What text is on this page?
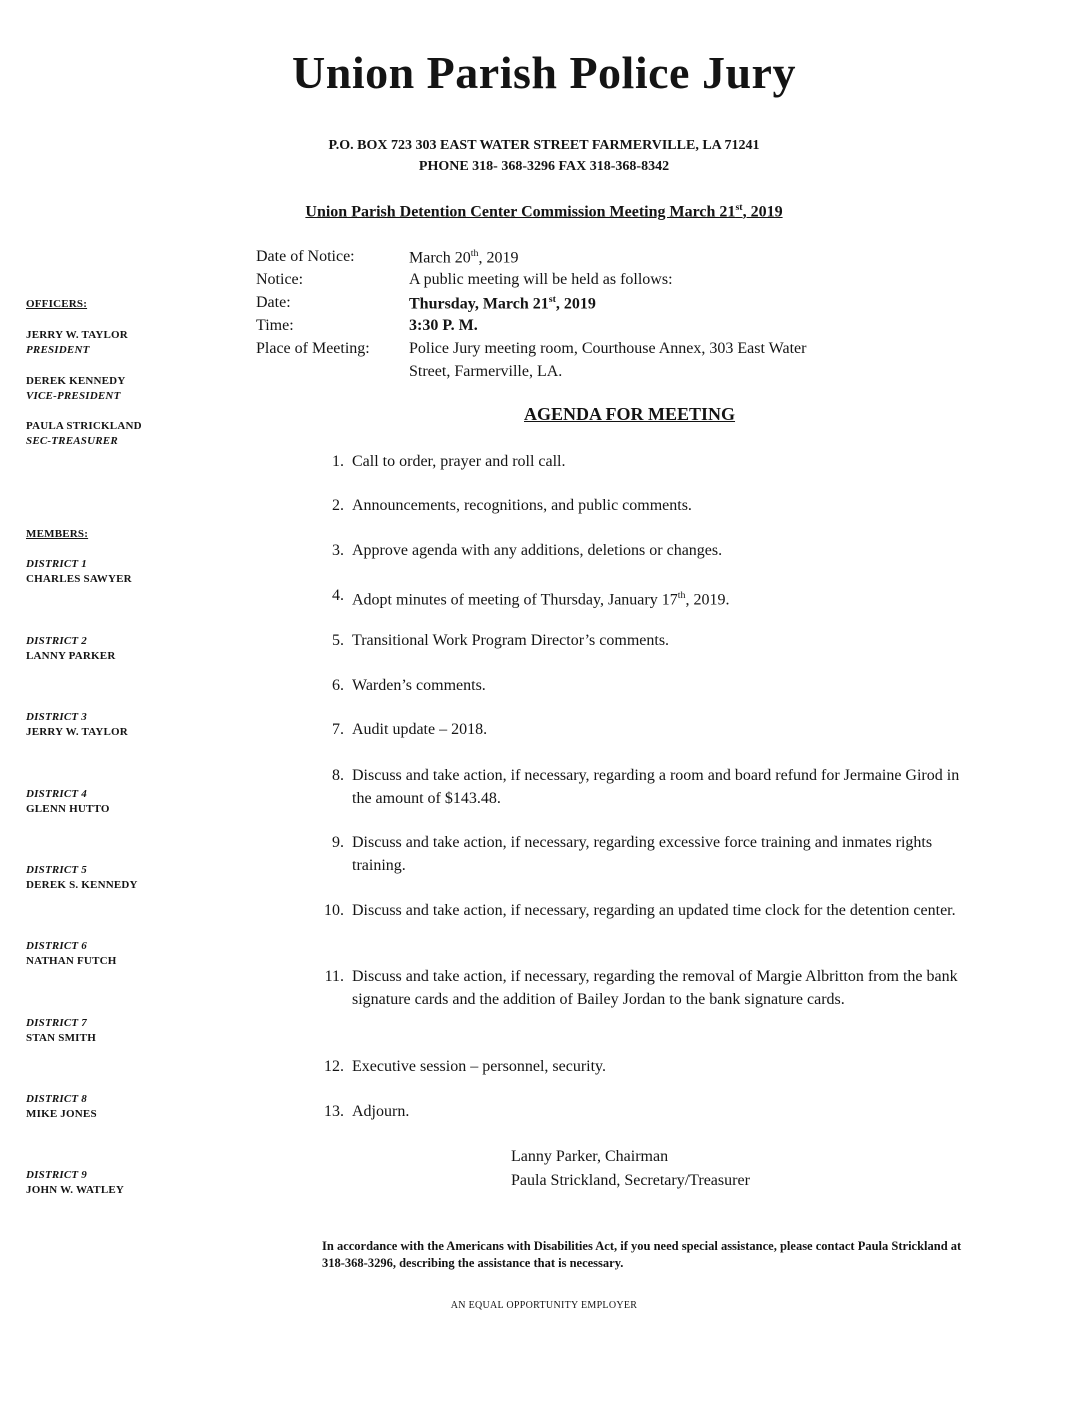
Union Parish Police Jury
P.O. BOX 723 303 EAST WATER STREET FARMERVILLE, LA 71241
PHONE 318- 368-3296 FAX 318-368-8342
Union Parish Detention Center Commission Meeting March 21st, 2019
Date of Notice:	March 20th, 2019
Notice:	A public meeting will be held as follows:
Date:	Thursday, March 21st, 2019
Time:	3:30 P. M.
Place of Meeting: Police Jury meeting room, Courthouse Annex, 303 East Water
Street, Farmerville, LA.
AGENDA FOR MEETING
1. Call to order, prayer and roll call.
2. Announcements, recognitions, and public comments.
3. Approve agenda with any additions, deletions or changes.
4. Adopt minutes of meeting of Thursday, January 17th, 2019.
5. Transitional Work Program Director’s comments.
6. Warden’s comments.
7. Audit update – 2018.
8. Discuss and take action, if necessary, regarding a room and board refund for Jermaine Girod in the amount of $143.48.
9. Discuss and take action, if necessary, regarding excessive force training and inmates rights training.
10. Discuss and take action, if necessary, regarding an updated time clock for the detention center.
11. Discuss and take action, if necessary, regarding the removal of Margie Albritton from the bank signature cards and the addition of Bailey Jordan to the bank signature cards.
12. Executive session – personnel, security.
13. Adjourn.
Lanny Parker, Chairman
Paula Strickland, Secretary/Treasurer
OFFICERS:
JERRY W. TAYLOR
PRESIDENT
DEREK KENNEDY
VICE-PRESIDENT
PAULA STRICKLAND
SEC-TREASURER
MEMBERS:
DISTRICT 1
CHARLES SAWYER
DISTRICT 2
LANNY PARKER
DISTRICT 3
JERRY W. TAYLOR
DISTRICT 4
GLENN HUTTO
DISTRICT 5
DEREK S. KENNEDY
DISTRICT 6
NATHAN FUTCH
DISTRICT 7
STAN SMITH
DISTRICT 8
MIKE JONES
DISTRICT 9
JOHN W. WATLEY
In accordance with the Americans with Disabilities Act, if you need special assistance, please contact Paula Strickland at 318-368-3296, describing the assistance that is necessary.
AN EQUAL OPPORTUNITY EMPLOYER
